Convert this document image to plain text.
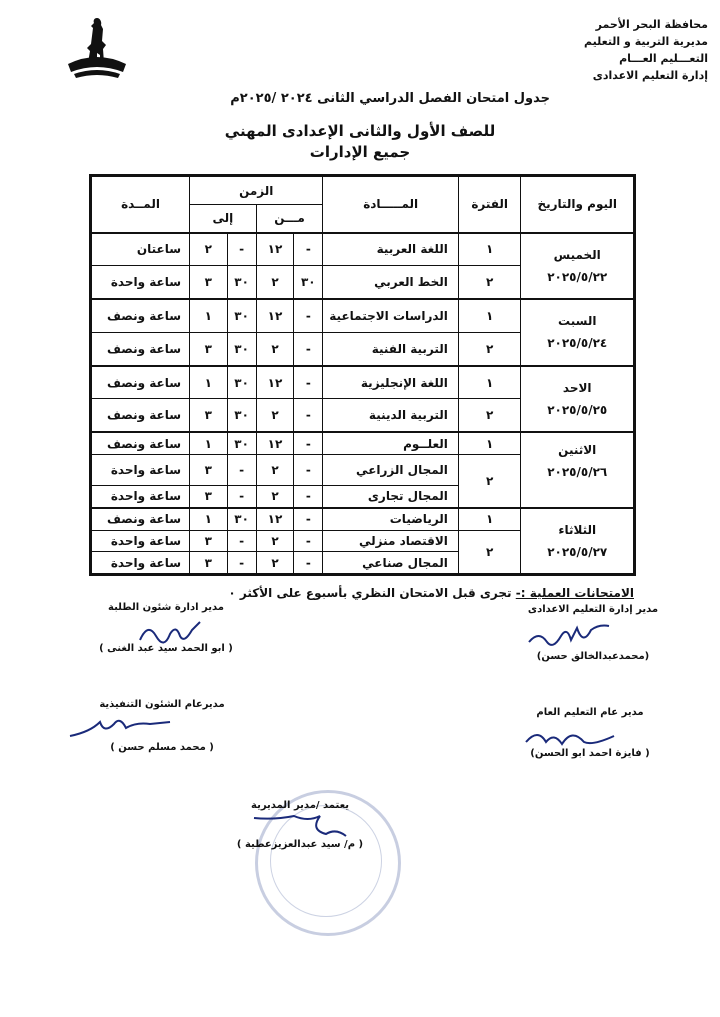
محافظة البحر الأحمر
مديرية التربية و التعليم
التعـــليم العـــام
إدارة التعليم الاعدادى
جدول امتحان الفصل الدراسي الثانى ٢٠٢٤ /٢٠٢٥م
للصف الأول والثانى الإعدادى المهني
جميع الإدارات
اليوم والتاريخ	الفترة	المـــــادة	الزمن				المــدة
			مـــن		إلى		
الخميس
٢٠٢٥/٥/٢٢	١	اللغة العربية	-	١٢	-	٢	ساعتان
	٢	الخط العربي	٣٠	٢	٣٠	٣	ساعة واحدة
السبت
٢٠٢٥/٥/٢٤	١	الدراسات الاجتماعية	-	١٢	٣٠	١	ساعة ونصف
	٢	التربية الفنية	-	٢	٣٠	٣	ساعة ونصف
الاحد
٢٠٢٥/٥/٢٥	١	اللغة الإنجليزية	-	١٢	٣٠	١	ساعة ونصف
	٢	التربية الدينية	-	٢	٣٠	٣	ساعة ونصف
الاثنين
٢٠٢٥/٥/٢٦	١	العلــوم	-	١٢	٣٠	١	ساعة ونصف
	٢	المجال الزراعي	-	٢	-	٣	ساعة واحدة
		المجال تجارى	-	٢	-	٣	ساعة واحدة
الثلاثاء
٢٠٢٥/٥/٢٧	١	الرياضيات	-	١٢	٣٠	١	ساعة ونصف
	٢	الاقتصاد منزلي	-	٢	-	٣	ساعة واحدة
		المجال صناعي	-	٢	-	٣	ساعة واحدة
الامتحانات العملية :- تجرى قبل الامتحان النظري بأسبوع على الأكثر ٠
مدير ادارة شئون الطلبة
( ابو الحمد سيد عبد الغنى )
مدير إدارة التعليم الاعدادى
(محمدعبدالخالق حسن)
مديرعام الشئون التنفيذية
( محمد مسلم حسن )
مدير عام التعليم العام
( فايزة احمد ابو الحسن)
يعتمد /مدير المديرية
( م/ سيد عبدالعزيزعطية )
